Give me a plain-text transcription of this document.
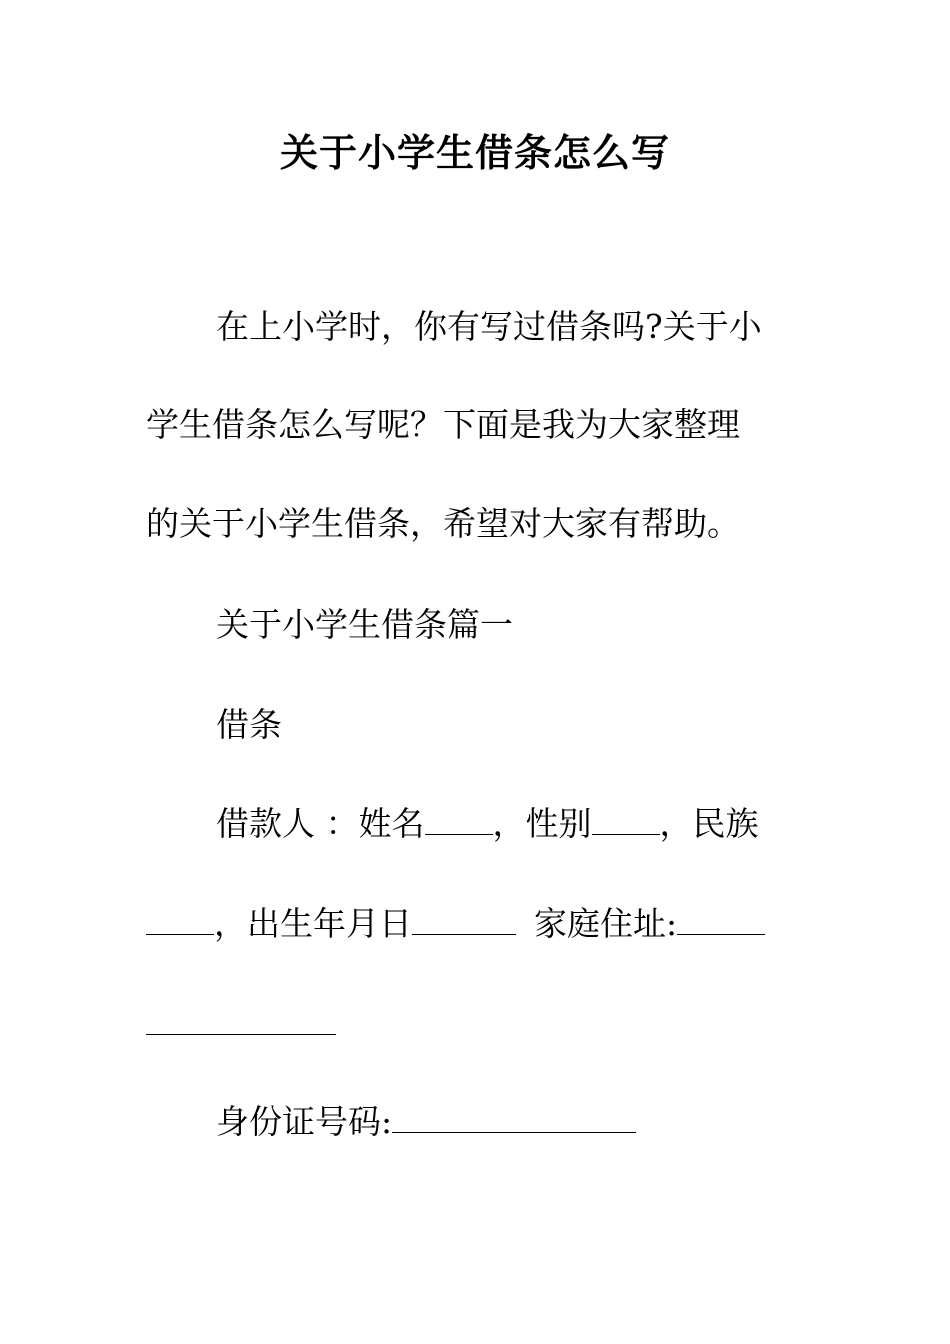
关于小学生借条怎么写
在上小学时，你有写过借条吗?关于小
学生借条怎么写呢？下面是我为大家整理
的关于小学生借条，希望对大家有帮助。
关于小学生借条篇一
借条
借款人 ：姓名 ，性别 ，民族
，出生年月日	家庭住址:
身份证号码:
